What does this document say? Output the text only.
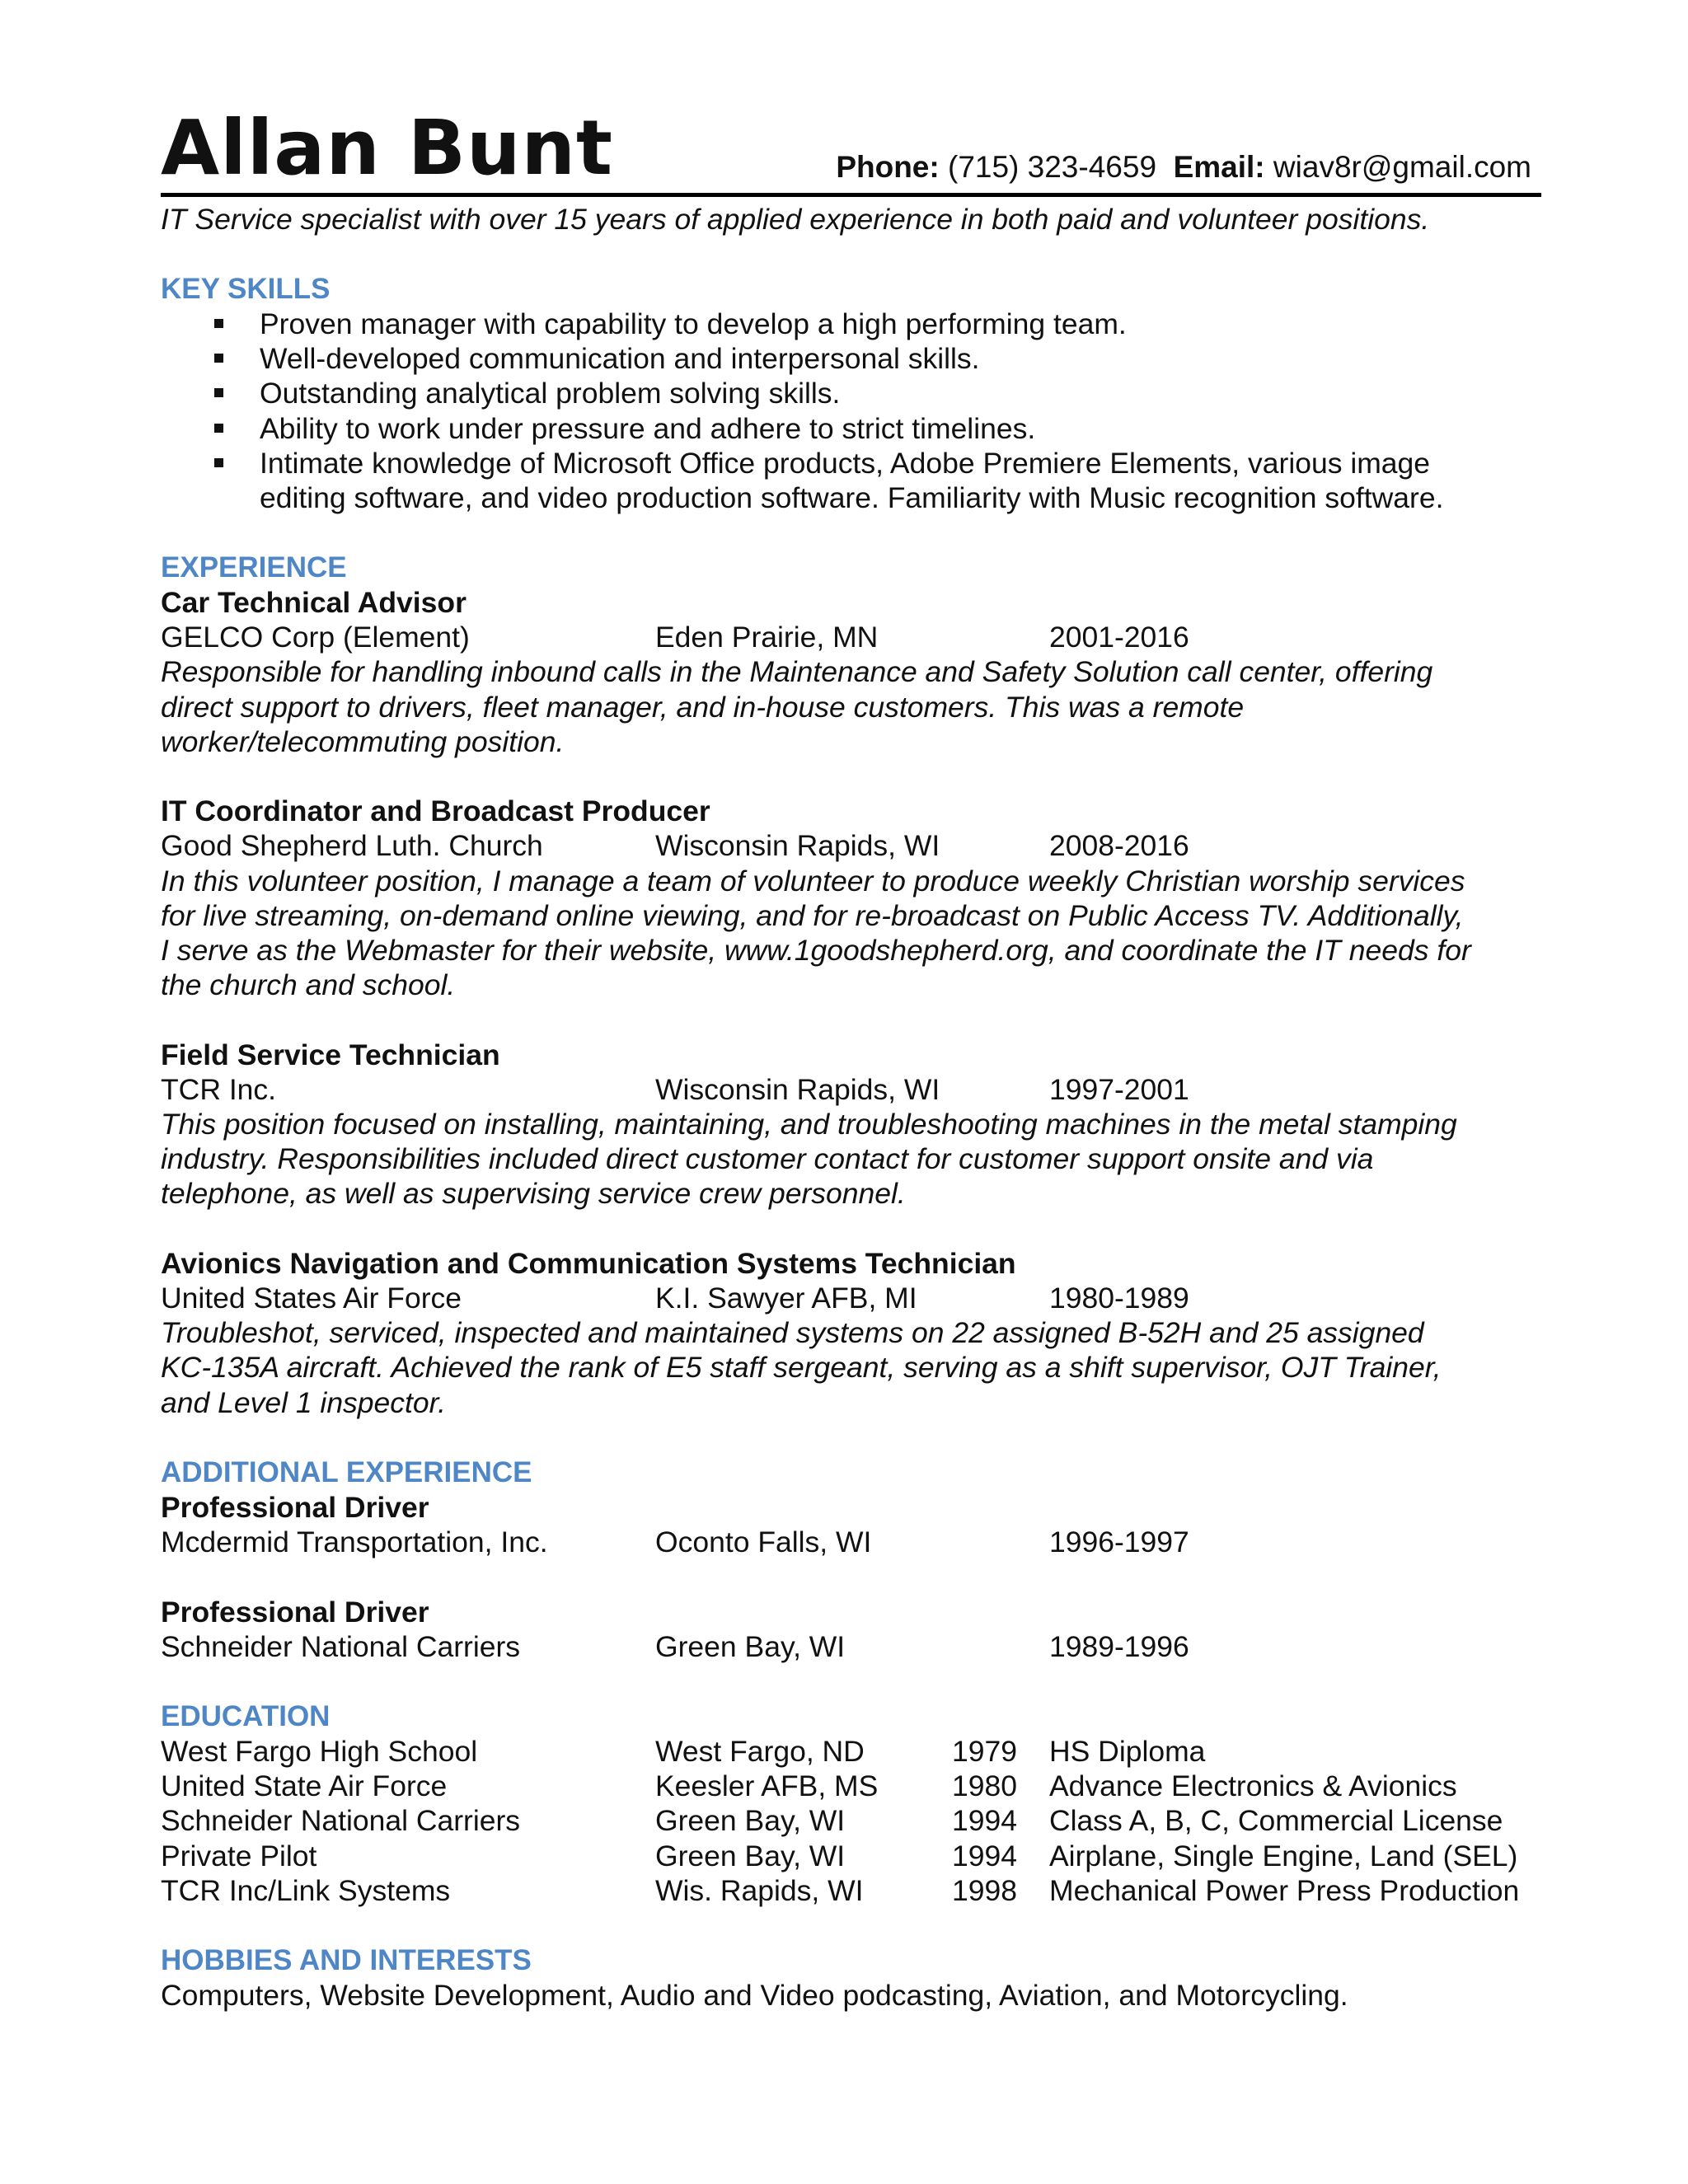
Allan Bunt	Phone: (715) 323-4659 Email: wiav8r@gmail.com
IT Service specialist with over 15 years of applied experience in both paid and volunteer positions.
KEY SKILLS
Proven manager with capability to develop a high performing team.
Well-developed communication and interpersonal skills.
Outstanding analytical problem solving skills.
Ability to work under pressure and adhere to strict timelines.
Intimate knowledge of Microsoft Office products, Adobe Premiere Elements, various image editing software, and video production software. Familiarity with Music recognition software.
EXPERIENCE
Car Technical Advisor
GELCO Corp (Element)	Eden Prairie, MN	2001-2016
Responsible for handling inbound calls in the Maintenance and Safety Solution call center, offering
direct support to drivers, fleet manager, and in-house customers. This was a remote
worker/telecommuting position.
IT Coordinator and Broadcast Producer
Good Shepherd Luth. Church	Wisconsin Rapids, WI	2008-2016
In this volunteer position, I manage a team of volunteer to produce weekly Christian worship services
for live streaming, on-demand online viewing, and for re-broadcast on Public Access TV. Additionally,
I serve as the Webmaster for their website, www.1goodshepherd.org, and coordinate the IT needs for
the church and school.
Field Service Technician
TCR Inc.	Wisconsin Rapids, WI	1997-2001
This position focused on installing, maintaining, and troubleshooting machines in the metal stamping
industry. Responsibilities included direct customer contact for customer support onsite and via
telephone, as well as supervising service crew personnel.
Avionics Navigation and Communication Systems Technician
United States Air Force	K.I. Sawyer AFB, MI	1980-1989
Troubleshot, serviced, inspected and maintained systems on 22 assigned B-52H and 25 assigned
KC-135A aircraft. Achieved the rank of E5 staff sergeant, serving as a shift supervisor, OJT Trainer,
and Level 1 inspector.
ADDITIONAL EXPERIENCE
Professional Driver
Mcdermid Transportation, Inc.	Oconto Falls, WI	1996-1997
Professional Driver
Schneider National Carriers	Green Bay, WI	1989-1996
EDUCATION
West Fargo High School	West Fargo, ND	1979 HS Diploma
United State Air Force	Keesler AFB, MS	1980 Advance Electronics & Avionics
Schneider National Carriers	Green Bay, WI	1994 Class A, B, C, Commercial License
Private Pilot	Green Bay, WI	1994 Airplane, Single Engine, Land (SEL)
TCR Inc/Link Systems	Wis. Rapids, WI	1998 Mechanical Power Press Production
HOBBIES AND INTERESTS
Computers, Website Development, Audio and Video podcasting, Aviation, and Motorcycling.
